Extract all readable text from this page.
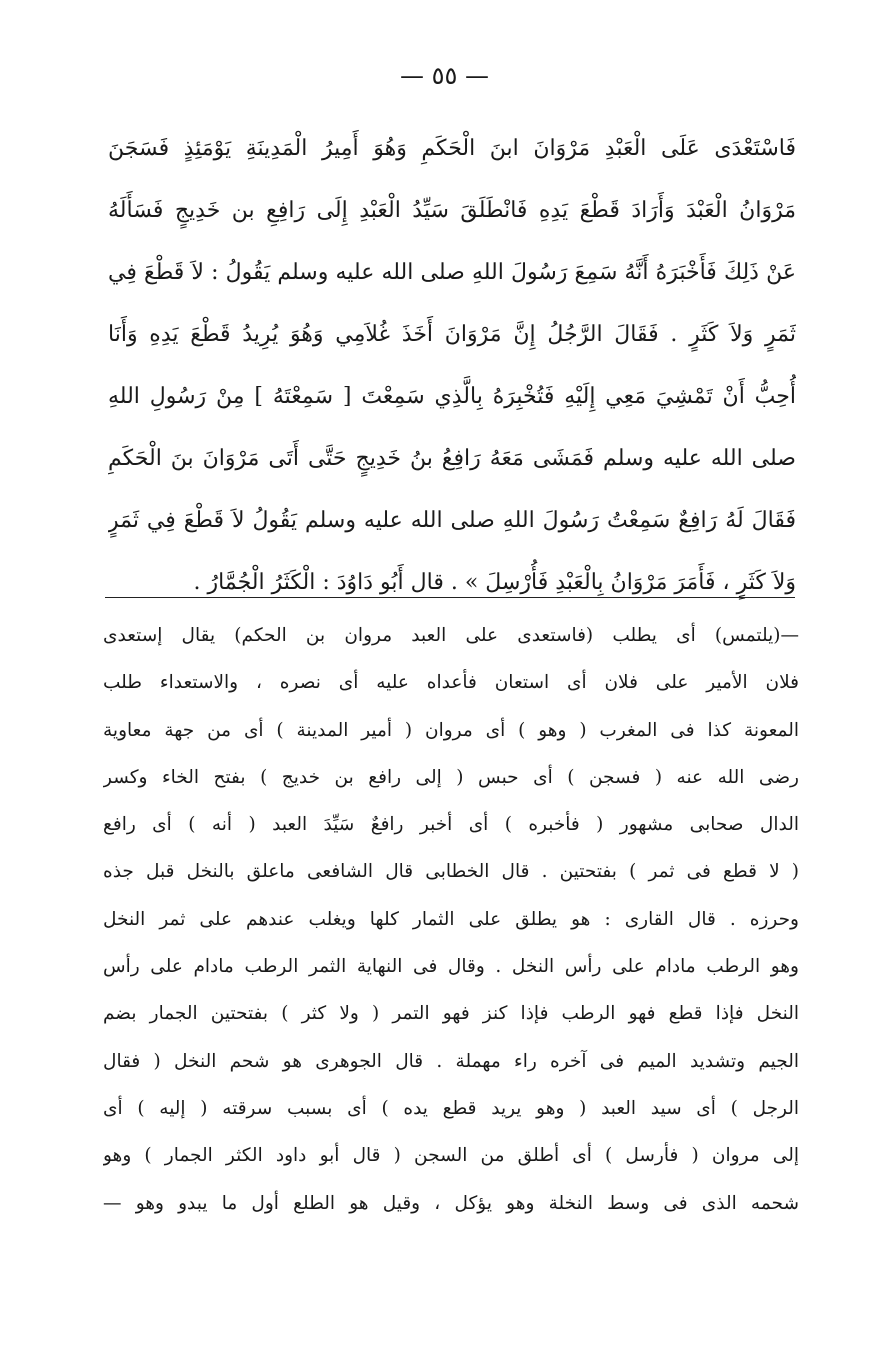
— ٥٥ —
فَاسْتَعْدَى عَلَى الْعَبْدِ مَرْوَانَ ابنَ الْحَكَمِ وَهُوَ أَمِيرُ الْمَدِينَةِ يَوْمَئِذٍ فَسَجَنَ
مَرْوَانُ الْعَبْدَ وَأَرَادَ قَطْعَ يَدِهِ فَانْطَلَقَ سَيِّدُ الْعَبْدِ إِلَى رَافِعِ بن خَدِيجٍ فَسَأَلَهُ
عَنْ ذَلِكَ فَأَخْبَرَهُ أَنَّهُ سَمِعَ رَسُولَ اللهِ صلى الله عليه وسلم يَقُولُ : لاَ قَطْعَ فِي
ثَمَرٍ وَلاَ كَثَرٍ . فَقَالَ الرَّجُلُ إِنَّ مَرْوَانَ أَخَذَ غُلاَمِي وَهُوَ يُرِيدُ قَطْعَ يَدِهِ وَأَنَا
أُحِبُّ أَنْ تَمْشِيَ مَعِي إِلَيْهِ فَتُخْبِرَهُ بِالَّذِي سَمِعْتَ [ سَمِعْتَهُ ] مِنْ رَسُولِ اللهِ
صلى الله عليه وسلم فَمَشَى مَعَهُ رَافِعُ بنُ خَدِيجٍ حَتَّى أَتَى مَرْوَانَ بنَ الْحَكَمِ
فَقَالَ لَهُ رَافِعٌ سَمِعْتُ رَسُولَ اللهِ صلى الله عليه وسلم يَقُولُ لاَ قَطْعَ فِي ثَمَرٍ
وَلاَ كَثَرٍ ، فَأَمَرَ مَرْوَانُ بِالْعَبْدِ فَأُرْسِلَ » . قال أَبُو دَاوُدَ : الْكَثَرُ الْجُمَّارُ .
—(يلتمس) أى يطلب (فاستعدى على العبد مروان بن الحكم) يقال إستعدى
فلان الأمير على فلان أى استعان فأعداه عليه أى نصره ، والاستعداء طلب
المعونة كذا فى المغرب ( وهو ) أى مروان ( أمير المدينة ) أى من جهة معاوية
رضى الله عنه ( فسجن ) أى حبس ( إلى رافع بن خديج ) بفتح الخاء وكسر
الدال صحابى مشهور ( فأخبره ) أى أخبر رافعٌ سَيِّدَ العبد ( أنه ) أى رافع
( لا قطع فى ثمر ) بفتحتين . قال الخطابى قال الشافعى ماعلق بالنخل قبل جذه
وحرزه . قال القارى : هو يطلق على الثمار كلها ويغلب عندهم على ثمر النخل
وهو الرطب مادام على رأس النخل . وقال فى النهاية الثمر الرطب مادام على رأس
النخل فإذا قطع فهو الرطب فإذا كنز فهو التمر ( ولا كثر ) بفتحتين الجمار بضم
الجيم وتشديد الميم فى آخره راء مهملة . قال الجوهرى هو شحم النخل ( فقال
الرجل ) أى سيد العبد ( وهو يريد قطع يده ) أى بسبب سرقته ( إليه ) أى
إلى مروان ( فأرسل ) أى أطلق من السجن ( قال أبو داود الكثر الجمار ) وهو
شحمه الذى فى وسط النخلة وهو يؤكل ، وقيل هو الطلع أول ما يبدو وهو —
